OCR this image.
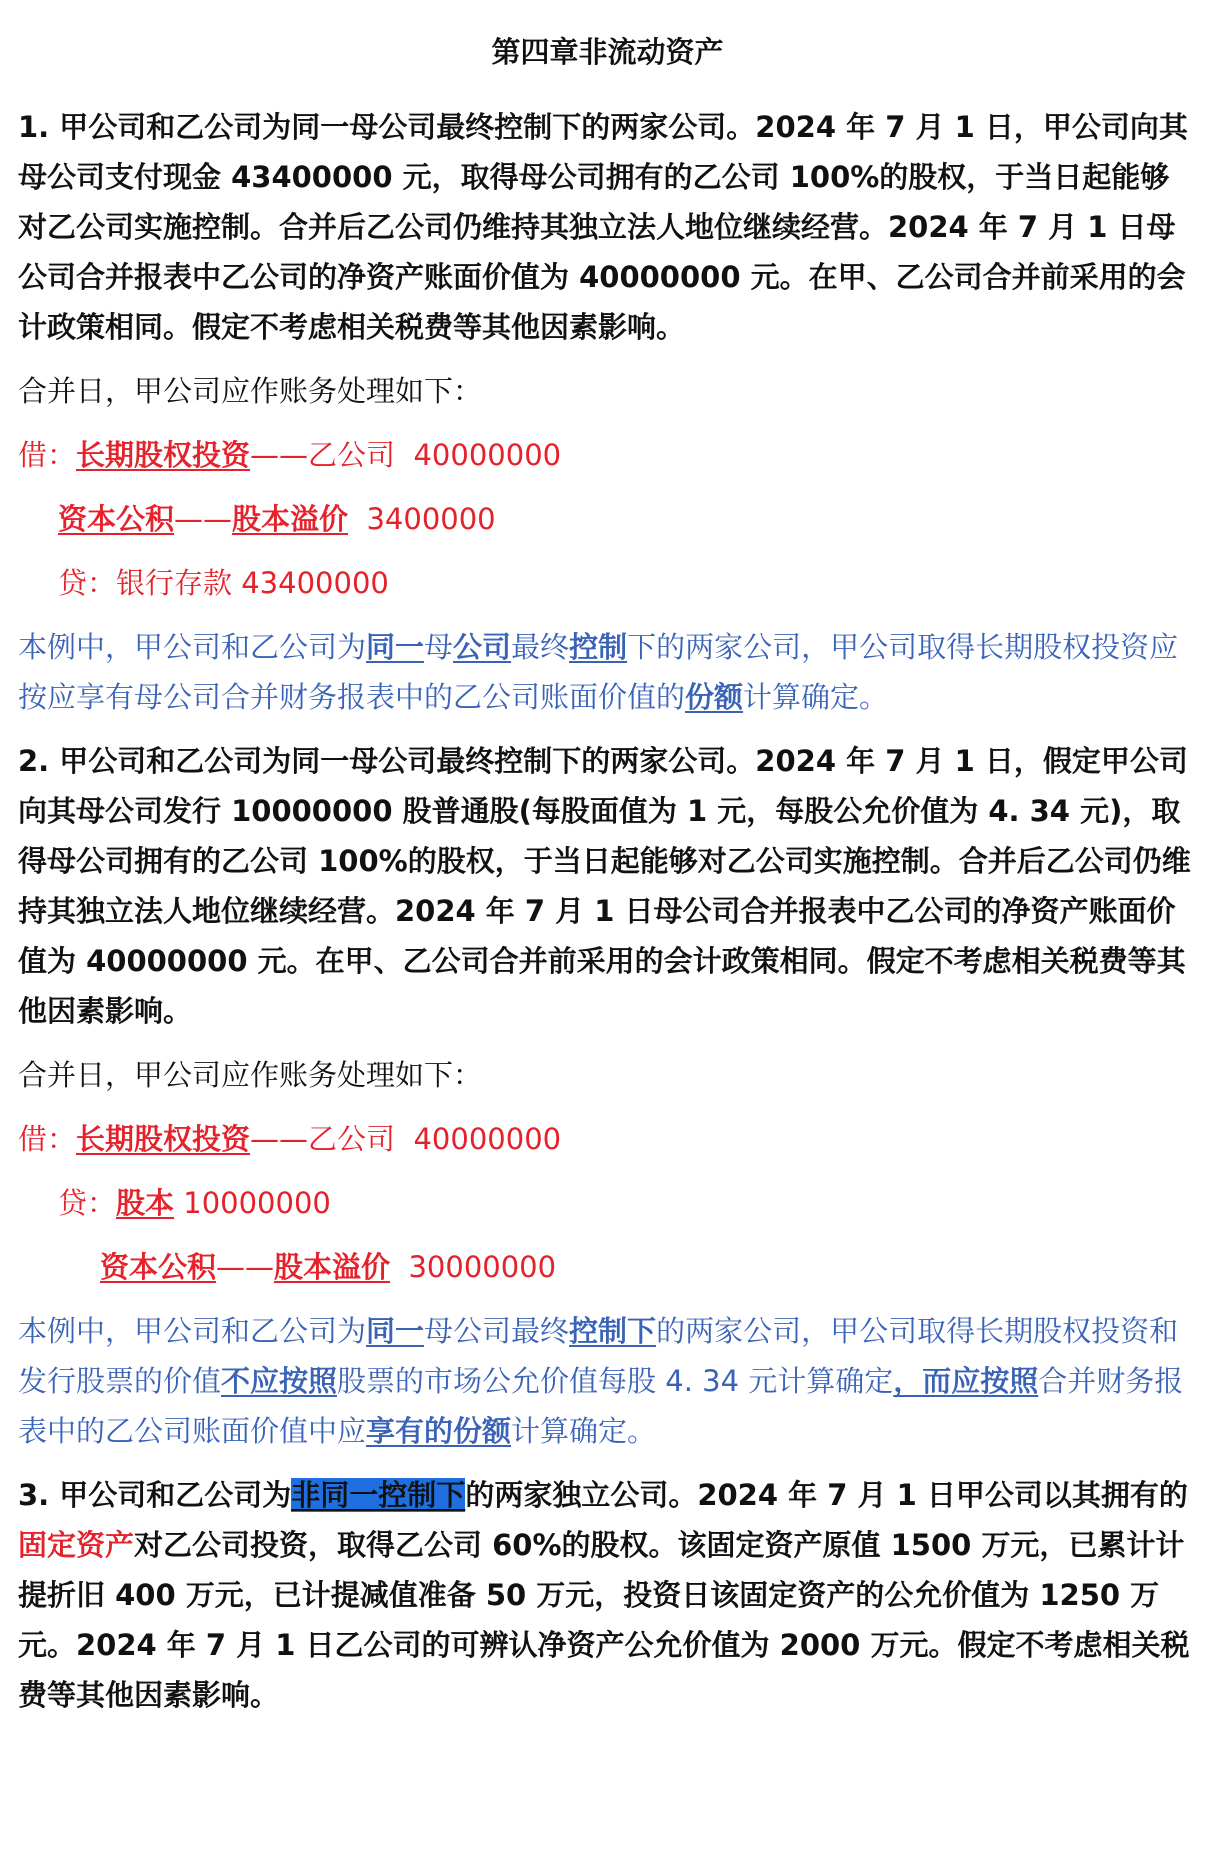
第四章非流动资产

1. 甲公司和乙公司为同一母公司最终控制下的两家公司。2024 年 7 月 1 日，甲公司向其母公司支付现金 43400000 元，取得母公司拥有的乙公司 100%的股权，于当日起能够对乙公司实施控制。合并后乙公司仍维持其独立法人地位继续经营。2024 年 7 月 1 日母公司合并报表中乙公司的净资产账面价值为 40000000 元。在甲、乙公司合并前采用的会计政策相同。假定不考虑相关税费等其他因素影响。

合并日，甲公司应作账务处理如下：

借：长期股权投资——乙公司 40000000

资本公积——股本溢价 3400000

贷：银行存款 43400000

本例中，甲公司和乙公司为同一母公司最终控制下的两家公司，甲公司取得长期股权投资应按应享有母公司合并财务报表中的乙公司账面价值的份额计算确定。

2. 甲公司和乙公司为同一母公司最终控制下的两家公司。2024 年 7 月 1 日，假定甲公司向其母公司发行 10000000 股普通股(每股面值为 1 元，每股公允价值为 4. 34 元)，取得母公司拥有的乙公司 100%的股权，于当日起能够对乙公司实施控制。合并后乙公司仍维持其独立法人地位继续经营。2024 年 7 月 1 日母公司合并报表中乙公司的净资产账面价值为 40000000 元。在甲、乙公司合并前采用的会计政策相同。假定不考虑相关税费等其他因素影响。

合并日，甲公司应作账务处理如下：

借：长期股权投资——乙公司 40000000

贷：股本 10000000

资本公积——股本溢价 30000000

本例中，甲公司和乙公司为同一母公司最终控制下的两家公司，甲公司取得长期股权投资和发行股票的价值不应按照股票的市场公允价值每股 4. 34 元计算确定，而应按照合并财务报表中的乙公司账面价值中应享有的份额计算确定。

3. 甲公司和乙公司为非同一控制下的两家独立公司。2024 年 7 月 1 日甲公司以其拥有的固定资产对乙公司投资，取得乙公司 60%的股权。该固定资产原值 1500 万元，已累计计提折旧 400 万元，已计提减值准备 50 万元，投资日该固定资产的公允价值为 1250 万元。2024 年 7 月 1 日乙公司的可辨认净资产公允价值为 2000 万元。假定不考虑相关税费等其他因素影响。
